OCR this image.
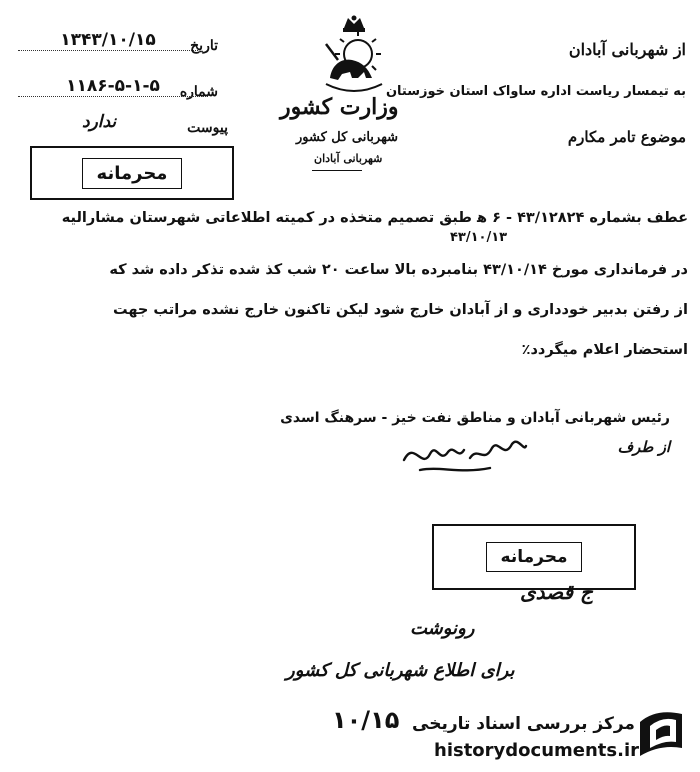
تاریخ
۱۳۴۳/۱۰/۱۵
شماره
۱۱۸۶-۵-۱-۵
پیوست
ندارد
وزارت کشور
شهربانی کل کشور
شهربانی آبادان
از شهربانی آبادان
به تیمسار ریاست اداره ساواک استان خوزستان
موضوع تامر مکارم
محرمانه
عطف بشماره ۴۳/۱۲۸۲۴ - ۶ ﻫ طبق تصمیم متخذه در کمیته اطلاعاتی شهرستان مشارالیه
۴۳/۱۰/۱۳
در فرمانداری مورخ ۴۳/۱۰/۱۴ بنامبرده بالا ساعت ۲۰ شب کذ شده تذکر داده شد که
از رفتن بدبیر خودداری و از آبادان خارج شود لیکن تاکنون خارج نشده مراتب جهت
استحضار اعلام میگردد٪
رئیس شهربانی آبادان و مناطق نفت خیز - سرهنگ اسدی
از طرف
محرمانه
ج قصدی
رونوشت
برای اطلاع شهربانی کل کشور
۱۰/۱۵ مرکز بررسی اسناد تاریخی
historydocuments.ir
